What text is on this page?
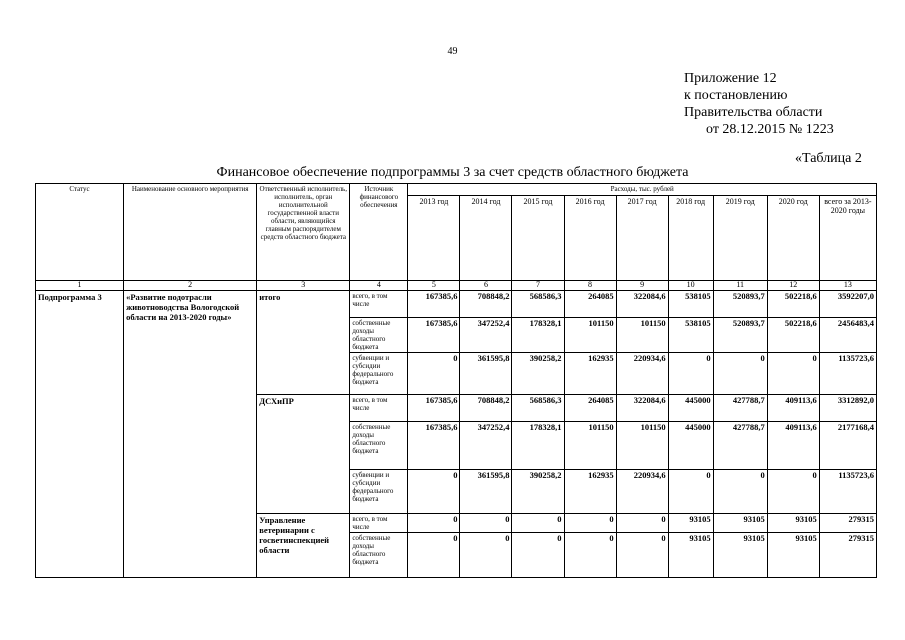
49
Приложение 12
к постановлению
Правительства области
от 28.12.2015 № 1223
«Таблица 2
Финансовое обеспечение подпрограммы 3 за счет средств областного бюджета
Статус	Наименование основного мероприятия	Ответственный исполнитель, исполнитель, орган исполнительной государственной власти области, являющийся главным распорядителем средств областного бюджета	Источник финансового обеспечения	Расходы, тыс. рублей								
				2013 год	2014 год	2015 год	2016 год	2017 год	2018 год	2019 год	2020 год	всего за 2013-2020 годы
1	2	3	4	5	6	7	8	9	10	11	12	13
Подпрограмма 3	«Развитие подотрасли животноводства Вологодской области на 2013-2020 годы»	итого	всего, в том числе	167385,6	708848,2	568586,3	264085	322084,6	538105	520893,7	502218,6	3592207,0
			собственные доходы областного бюджета	167385,6	347252,4	178328,1	101150	101150	538105	520893,7	502218,6	2456483,4
			субвенции и субсидии федерального бюджета	0	361595,8	390258,2	162935	220934,6	0	0	0	1135723,6
		ДСХиПР	всего, в том числе	167385,6	708848,2	568586,3	264085	322084,6	445000	427788,7	409113,6	3312892,0
			собственные доходы областного бюджета	167385,6	347252,4	178328,1	101150	101150	445000	427788,7	409113,6	2177168,4
			субвенции и субсидии федерального бюджета	0	361595,8	390258,2	162935	220934,6	0	0	0	1135723,6
		Управление ветеринарии с госветинспекцией области	всего, в том числе	0	0	0	0	0	93105	93105	93105	279315
			собственные доходы областного бюджета	0	0	0	0	0	93105	93105	93105	279315
